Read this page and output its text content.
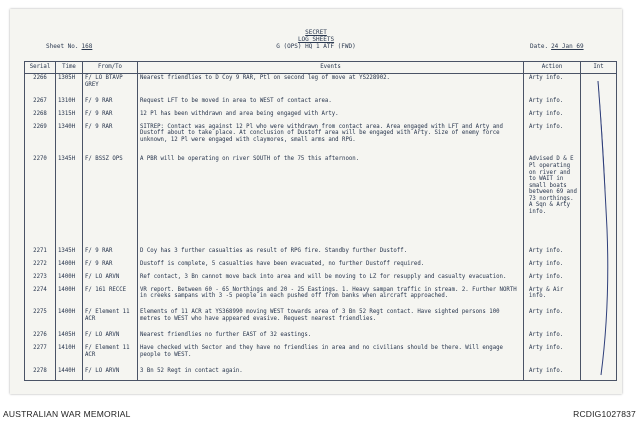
SECRET
LOG SHEETS
G (OPS) HQ 1 ATF (FWD)
Sheet No. 168	Date. 24 Jan 69
Serial	Time	From/To	Events	Action	Int
2266	1305H	F/ LO BTAVP GREY	Nearest friendlies to D Coy 9 RAR, Ptl on second leg of move at YS228902.	Arty info.	
2267	1310H	F/ 9 RAR	Request LFT to be moved in area to WEST of contact area.	Arty info.	
2268	1315H	F/ 9 RAR	12 Pl has been withdrawn and area being engaged with Arty.	Arty info.	
2269	1340H	F/ 9 RAR	SITREP: Contact was against 12 Pl who were withdrawn from contact area. Area engaged with LFT and Arty and Dustoff about to take place. At conclusion of Dustoff area will be engaged with Arty. Size of enemy force unknown, 12 Pl were engaged with claymores, small arms and RPG.	Arty info.	
2270	1345H	F/ BSSZ OPS	A PBR will be operating on river SOUTH of the 75 this afternoon.	Advised D & E Pl operating on river and to WAIT in small boats between 69 and 73 northings. A Sqn & Arty info.	
2271	1345H	F/ 9 RAR	D Coy has 3 further casualties as result of RPG fire. Standby further Dustoff.	Arty info.	
2272	1400H	F/ 9 RAR	Dustoff is complete, 5 casualties have been evacuated, no further Dustoff required.	Arty info.	
2273	1400H	F/ LO ARVN	Ref contact, 3 Bn cannot move back into area and will be moving to LZ for resupply and casualty evacuation.	Arty info.	
2274	1400H	F/ 161 RECCE	VR report. Between 60 - 65 Northings and 20 - 25 Eastings. 1. Heavy sampan traffic in stream. 2. Further NORTH in creeks sampans with 3 -5 people in each pushed off from banks when aircraft approached.	Arty & Air info.	
2275	1400H	F/ Element 11 ACR	Elements of 11 ACR at YS368990 moving WEST towards area of 3 Bn 52 Regt contact. Have sighted persons 100 metres to WEST who have appeared evasive. Request nearest friendlies.	Arty info.	
2276	1405H	F/ LO ARVN	Nearest friendlies no further EAST of 32 eastings.	Arty info.	
2277	1410H	F/ Element 11 ACR	Have checked with Sector and they have no friendlies in area and no civilians should be there. Will engage people to WEST.	Arty info.	
2278	1440H	F/ LO ARVN	3 Bn 52 Regt in contact again.	Arty info.	
AUSTRALIAN WAR MEMORIAL	RCDIG1027837
